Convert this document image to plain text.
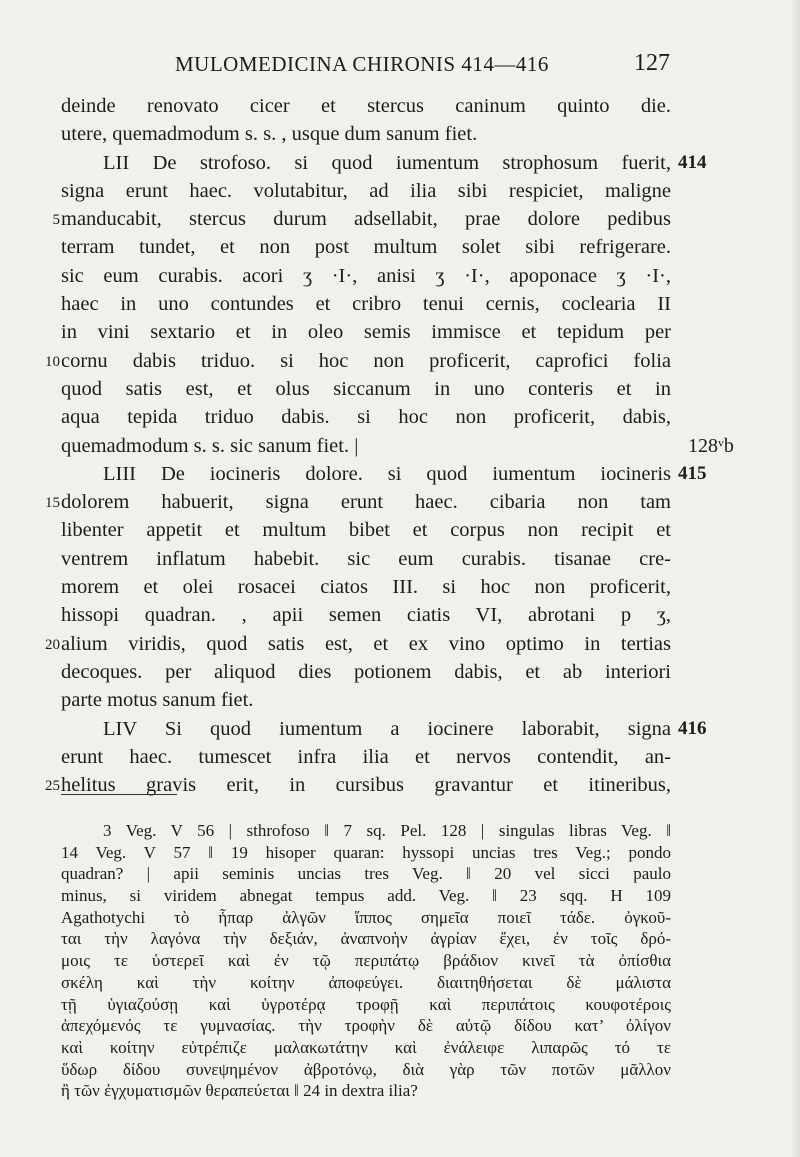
MULOMEDICINA CHIRONIS 414—416	127
deinde renovato cicer et stercus caninum quinto die.
utere, quemadmodum s. s. , usque dum sanum fiet.
LII De strofoso. si quod iumentum strophosum fuerit, 414
signa erunt haec. volutabitur, ad ilia sibi respiciet, maligne
5 manducabit, stercus durum adsellabit, prae dolore pedibus
terram tundet, et non post multum solet sibi refrigerare.
sic eum curabis. acori ʒ ·I·, anisi ʒ ·I·, apoponace ʒ ·I·,
haec in uno contundes et cribro tenui cernis, coclearia II
in vini sextario et in oleo semis immisce et tepidum per
10 cornu dabis triduo. si hoc non proficerit, caprofici folia
quod satis est, et olus siccanum in uno conteris et in
aqua tepida triduo dabis. si hoc non proficerit, dabis,
quemadmodum s. s. sic sanum fiet. |	128ᵛb
LIII De iocineris dolore. si quod iumentum iocineris 415
15 dolorem habuerit, signa erunt haec. cibaria non tam
libenter appetit et multum bibet et corpus non recipit et
ventrem inflatum habebit. sic eum curabis. tisanae cre-
morem et olei rosacei ciatos III. si hoc non proficerit,
hissopi quadran. , apii semen ciatis VI, abrotani p ʒ,
20 alium viridis, quod satis est, et ex vino optimo in tertias
decoques. per aliquod dies potionem dabis, et ab interiori
parte motus sanum fiet.
LIV Si quod iumentum a iocinere laborabit, signa 416
erunt haec. tumescet infra ilia et nervos contendit, an-
25 helitus gravis erit, in cursibus gravantur et itineribus,
3 Veg. V 56 | sthrofoso ‖ 7 sq. Pel. 128 | singulas libras Veg. ‖
14 Veg. V 57 ‖ 19 hisoper quaran: hyssopi uncias tres Veg.; pondo
quadran? | apii seminis uncias tres Veg. ‖ 20 vel sicci paulo
minus, si viridem abnegat tempus add. Veg. ‖ 23 sqq. H 109
Agathotychi τὸ ἧπαρ ἀλγῶν ἵππος σημεῖα ποιεῖ τάδε. ὀγκοῦ-
ται τὴν λαγόνα τὴν δεξιάν, ἀναπνοὴν ἀγρίαν ἔχει, ἐν τοῖς δρό-
μοις τε ὑστερεῖ καὶ ἐν τῷ περιπάτῳ βράδιον κινεῖ τὰ ὀπίσθια
σκέλη καὶ τὴν κοίτην ἀποφεύγει. διαιτηθήσεται δὲ μάλιστα
τῇ ὑγιαζούσῃ καὶ ὑγροτέρᾳ τροφῇ καὶ περιπάτοις κουφοτέροις
ἀπεχόμενός τε γυμνασίας. τὴν τροφὴν δὲ αὐτῷ δίδου κατ’ ὀλίγον
καὶ κοίτην εὐτρέπιζε μαλακωτάτην καὶ ἐνάλειφε λιπαρῶς τό τε
ὕδωρ δίδου συνεψημένον ἀβροτόνῳ, διὰ γὰρ τῶν ποτῶν μᾶλλον
ἢ τῶν ἐγχυματισμῶν θεραπεύεται ‖ 24 in dextra ilia?
